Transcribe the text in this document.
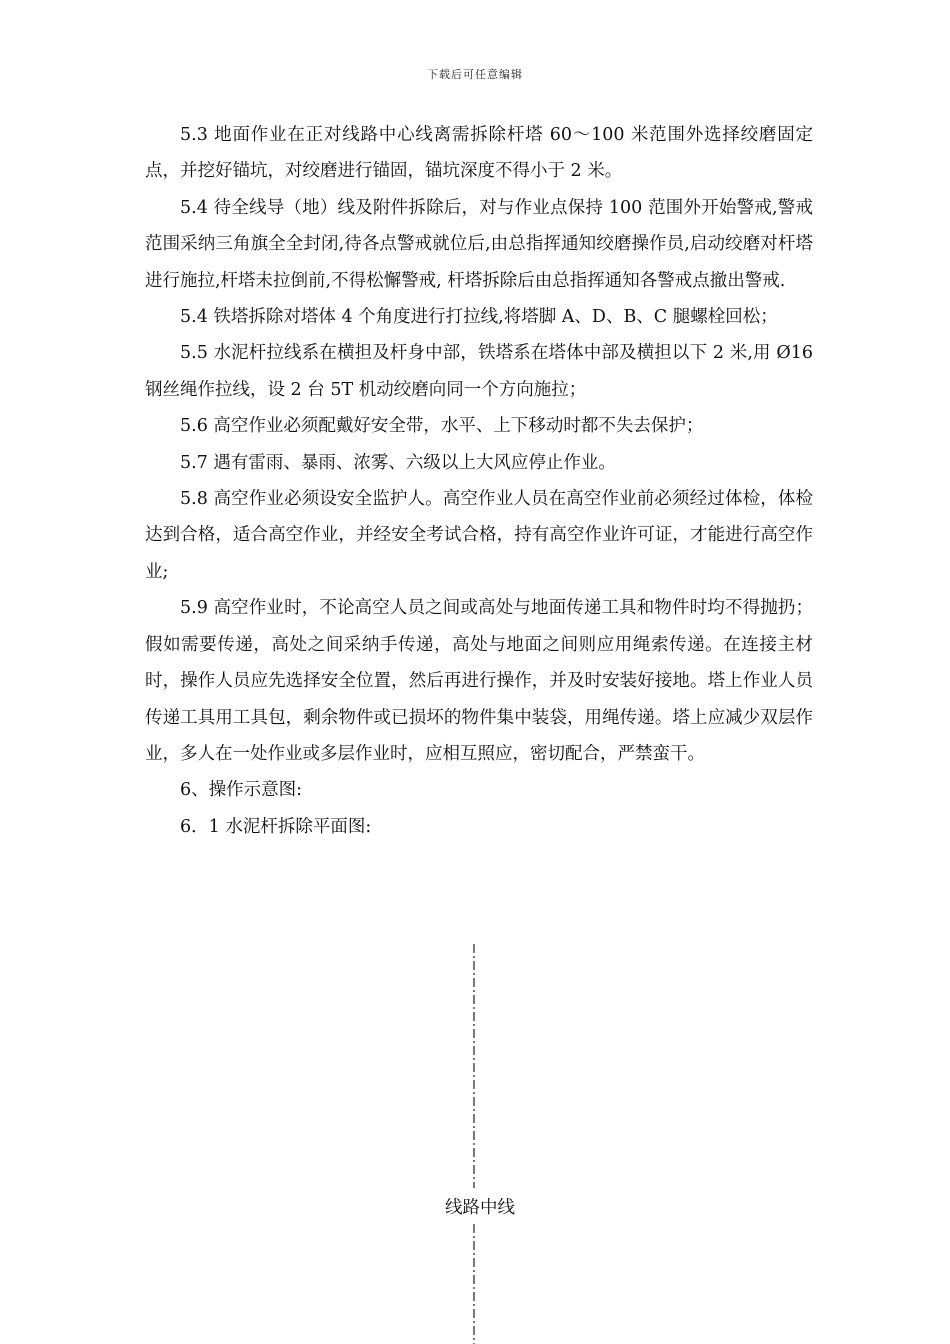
下载后可任意编辑

5.3 地面作业在正对线路中心线离需拆除杆塔 60～100 米范围外选择绞磨固定点，并挖好锚坑，对绞磨进行锚固，锚坑深度不得小于 2 米。

5.4 待全线导（地）线及附件拆除后，对与作业点保持 100 范围外开始警戒,警戒范围采纳三角旗全全封闭,待各点警戒就位后,由总指挥通知绞磨操作员,启动绞磨对杆塔进行施拉,杆塔未拉倒前,不得松懈警戒, 杆塔拆除后由总指挥通知各警戒点撤出警戒.

5.4 铁塔拆除对塔体 4 个角度进行打拉线,将塔脚 A、D、B、C 腿螺栓回松；

5.5 水泥杆拉线系在横担及杆身中部，铁塔系在塔体中部及横担以下 2 米,用 Ø16 钢丝绳作拉线，设 2 台 5T 机动绞磨向同一个方向施拉；

5.6 高空作业必须配戴好安全带，水平、上下移动时都不失去保护；

5.7 遇有雷雨、暴雨、浓雾、六级以上大风应停止作业。

5.8 高空作业必须设安全监护人。高空作业人员在高空作业前必须经过体检，体检达到合格，适合高空作业，并经安全考试合格，持有高空作业许可证，才能进行高空作业;

5.9 高空作业时，不论高空人员之间或高处与地面传递工具和物件时均不得抛扔；假如需要传递，高处之间采纳手传递，高处与地面之间则应用绳索传递。在连接主材时，操作人员应先选择安全位置，然后再进行操作，并及时安装好接地。塔上作业人员传递工具用工具包，剩余物件或已损坏的物件集中装袋，用绳传递。塔上应减少双层作业，多人在一处作业或多层作业时，应相互照应，密切配合，严禁蛮干。

6、操作示意图:

6．1 水泥杆拆除平面图:

线路中线
